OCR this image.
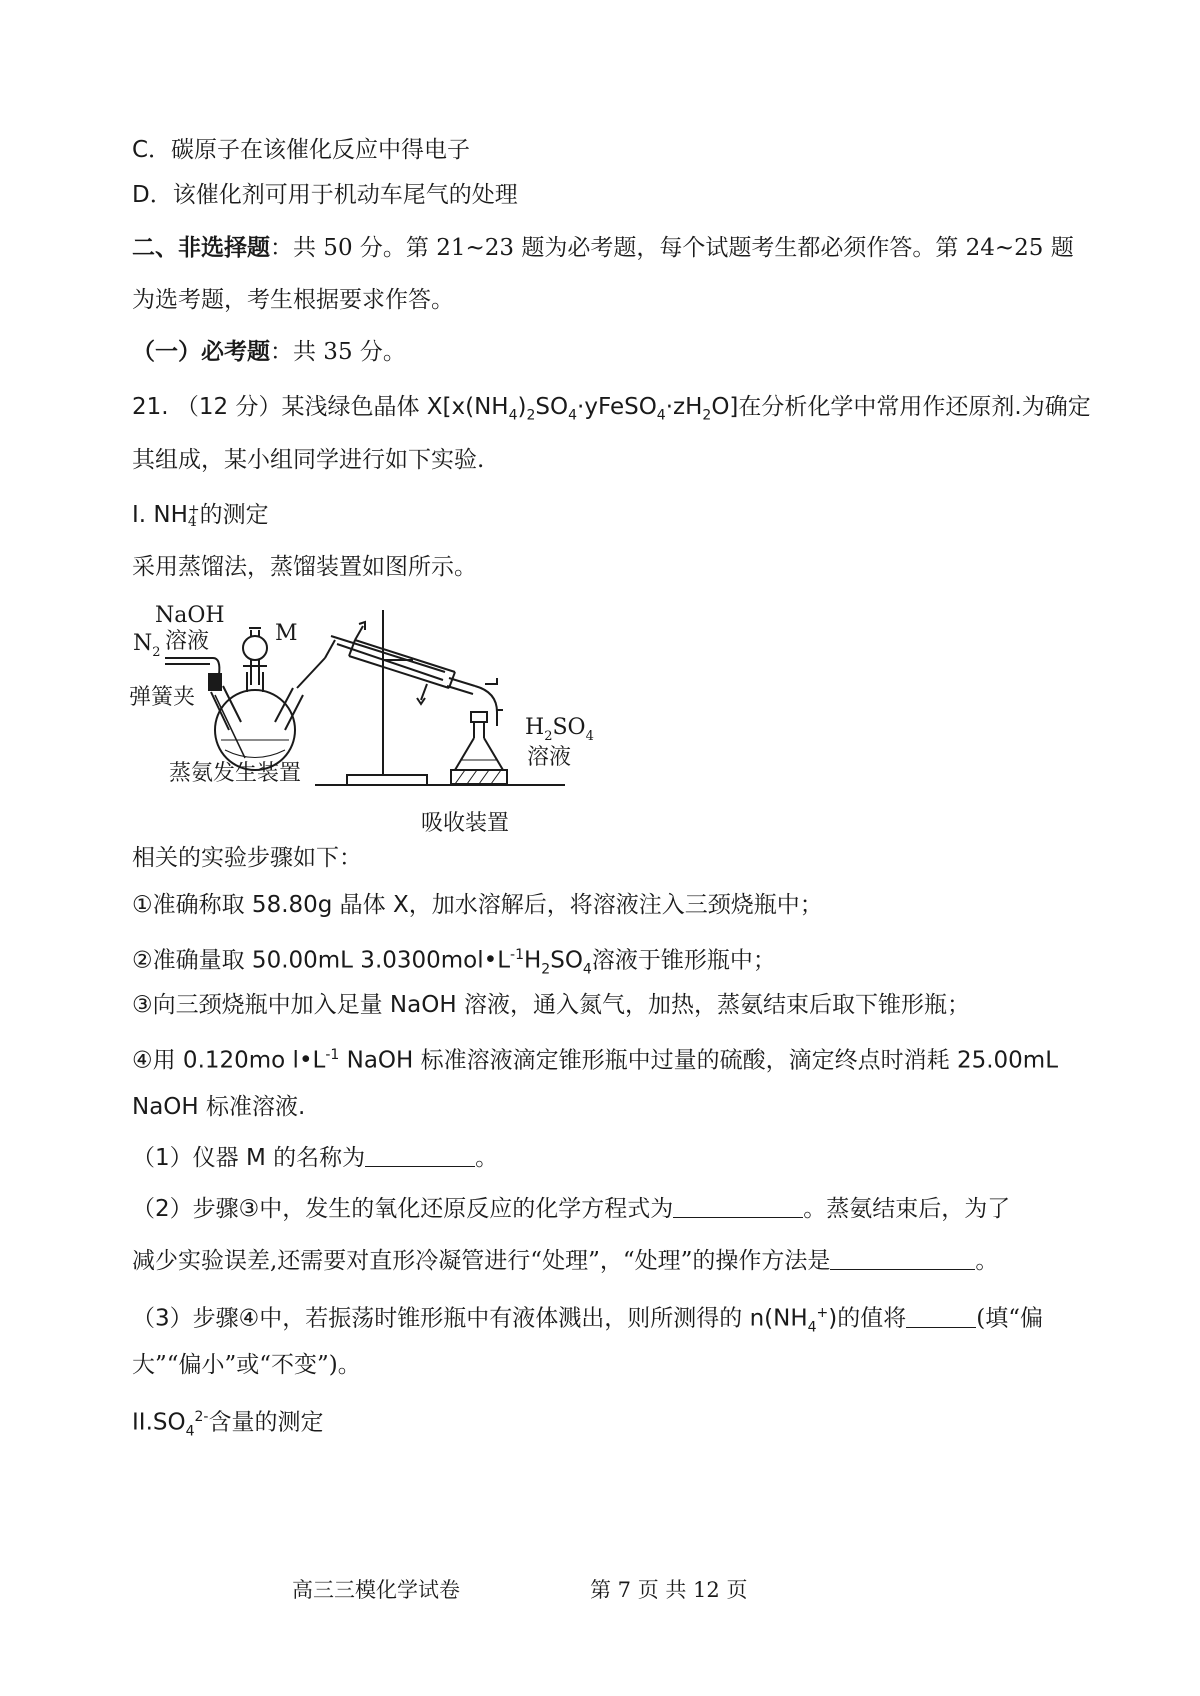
C．碳原子在该催化反应中得电子
D．该催化剂可用于机动车尾气的处理
二、非选择题：共 50 分。第 21~23 题为必考题，每个试题考生都必须作答。第 24~25 题
为选考题，考生根据要求作答。
（一）必考题：共 35 分。
21. （12 分）某浅绿色晶体 $X[x(NH_4)_2SO_4\cdot yFeSO_4\cdot zH_2O]$在分析化学中常用作还原剂.为确定
其组成，某小组同学进行如下实验.
I. NH +
4 的测定
采用蒸馏法，蒸馏装置如图所示。
NaOH
溶液	M
$N_2$
弹簧夹
蒸氨发生装置
$H_2SO_4$
溶液
吸收装置
相关的实验步骤如下：
①准确称取 58.80g 晶体 X，加水溶解后，将溶液注入三颈烧瓶中；
②准确量取 50.00mL $3.0300mol•L^{-1}H_2SO_4$溶液于锥形瓶中；
③向三颈烧瓶中加入足量 NaOH 溶液，通入氮气，加热，蒸氨结束后取下锥形瓶；
④用 0.120mo $l•L^{-1}$ NaOH 标准溶液滴定锥形瓶中过量的硫酸，滴定终点时消耗 25.00mL
NaOH 标准溶液.
（1）仪器 M 的名称为	。
（2）步骤③中，发生的氧化还原反应的化学方程式为	。蒸氨结束后，为了
减少实验误差,还需要对直形冷凝管进行“处理”，“处理”的操作方法是	。
（3）步骤④中，若振荡时锥形瓶中有液体溅出，则所测得的 $n(NH_4^+)$的值将	(填“偏
大”“偏小”或“不变”)。
$II.SO_4^{2-}$含量的测定
高三三模化学试卷	第 7 页 共 12 页
